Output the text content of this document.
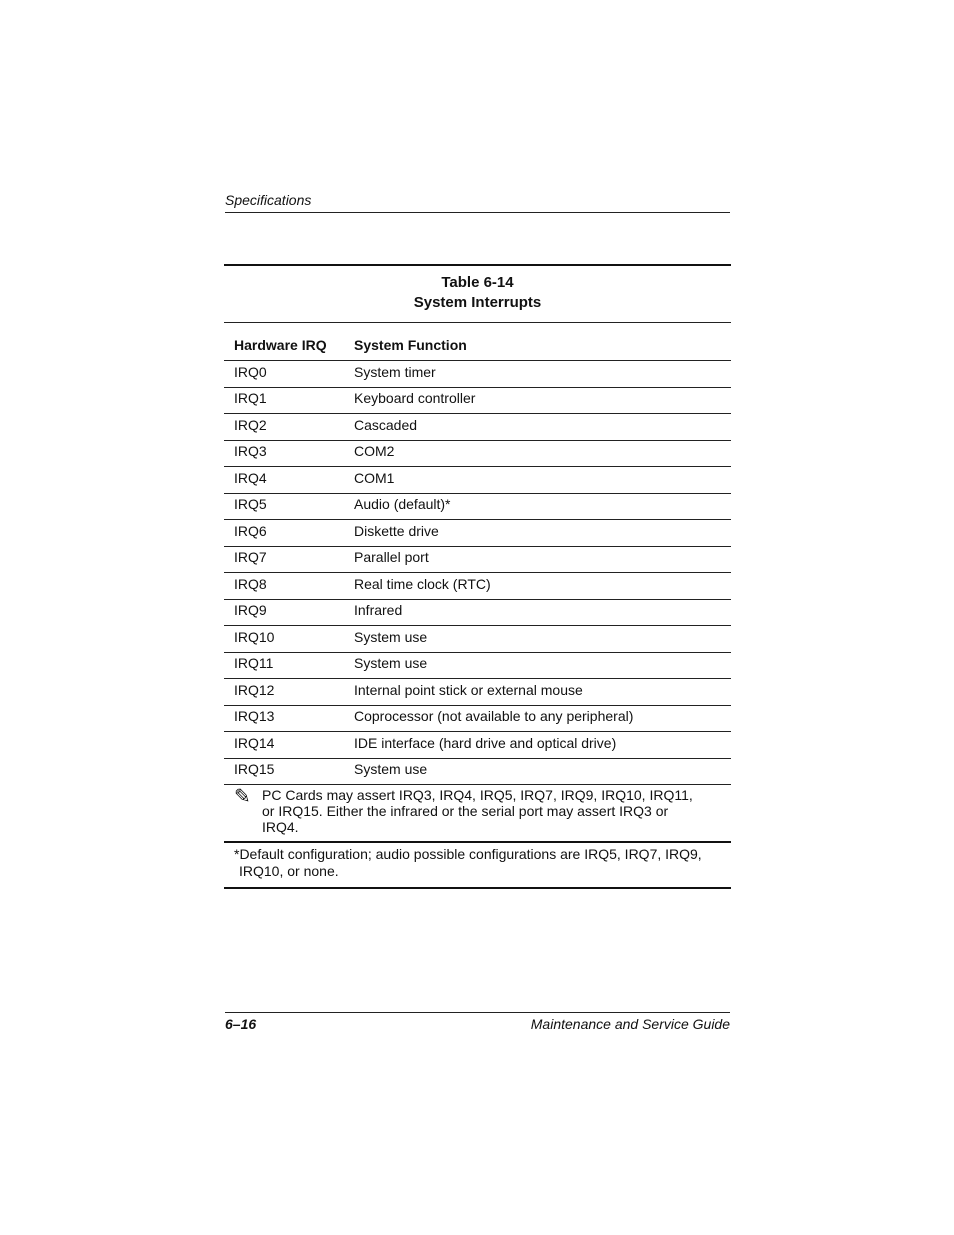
Specifications
Table 6-14
System Interrupts
Hardware IRQ	System Function
IRQ0	System timer
IRQ1	Keyboard controller
IRQ2	Cascaded
IRQ3	COM2
IRQ4	COM1
IRQ5	Audio (default)*
IRQ6	Diskette drive
IRQ7	Parallel port
IRQ8	Real time clock (RTC)
IRQ9	Infrared
IRQ10	System use
IRQ11	System use
IRQ12	Internal point stick or external mouse
IRQ13	Coprocessor (not available to any peripheral)
IRQ14	IDE interface (hard drive and optical drive)
IRQ15	System use
✎ PC Cards may assert IRQ3, IRQ4, IRQ5, IRQ7, IRQ9, IRQ10, IRQ11, or IRQ15. Either the infrared or the serial port may assert IRQ3 or IRQ4.
*Default configuration; audio possible configurations are IRQ5, IRQ7, IRQ9,
IRQ10, or none.
6–16	Maintenance and Service Guide
